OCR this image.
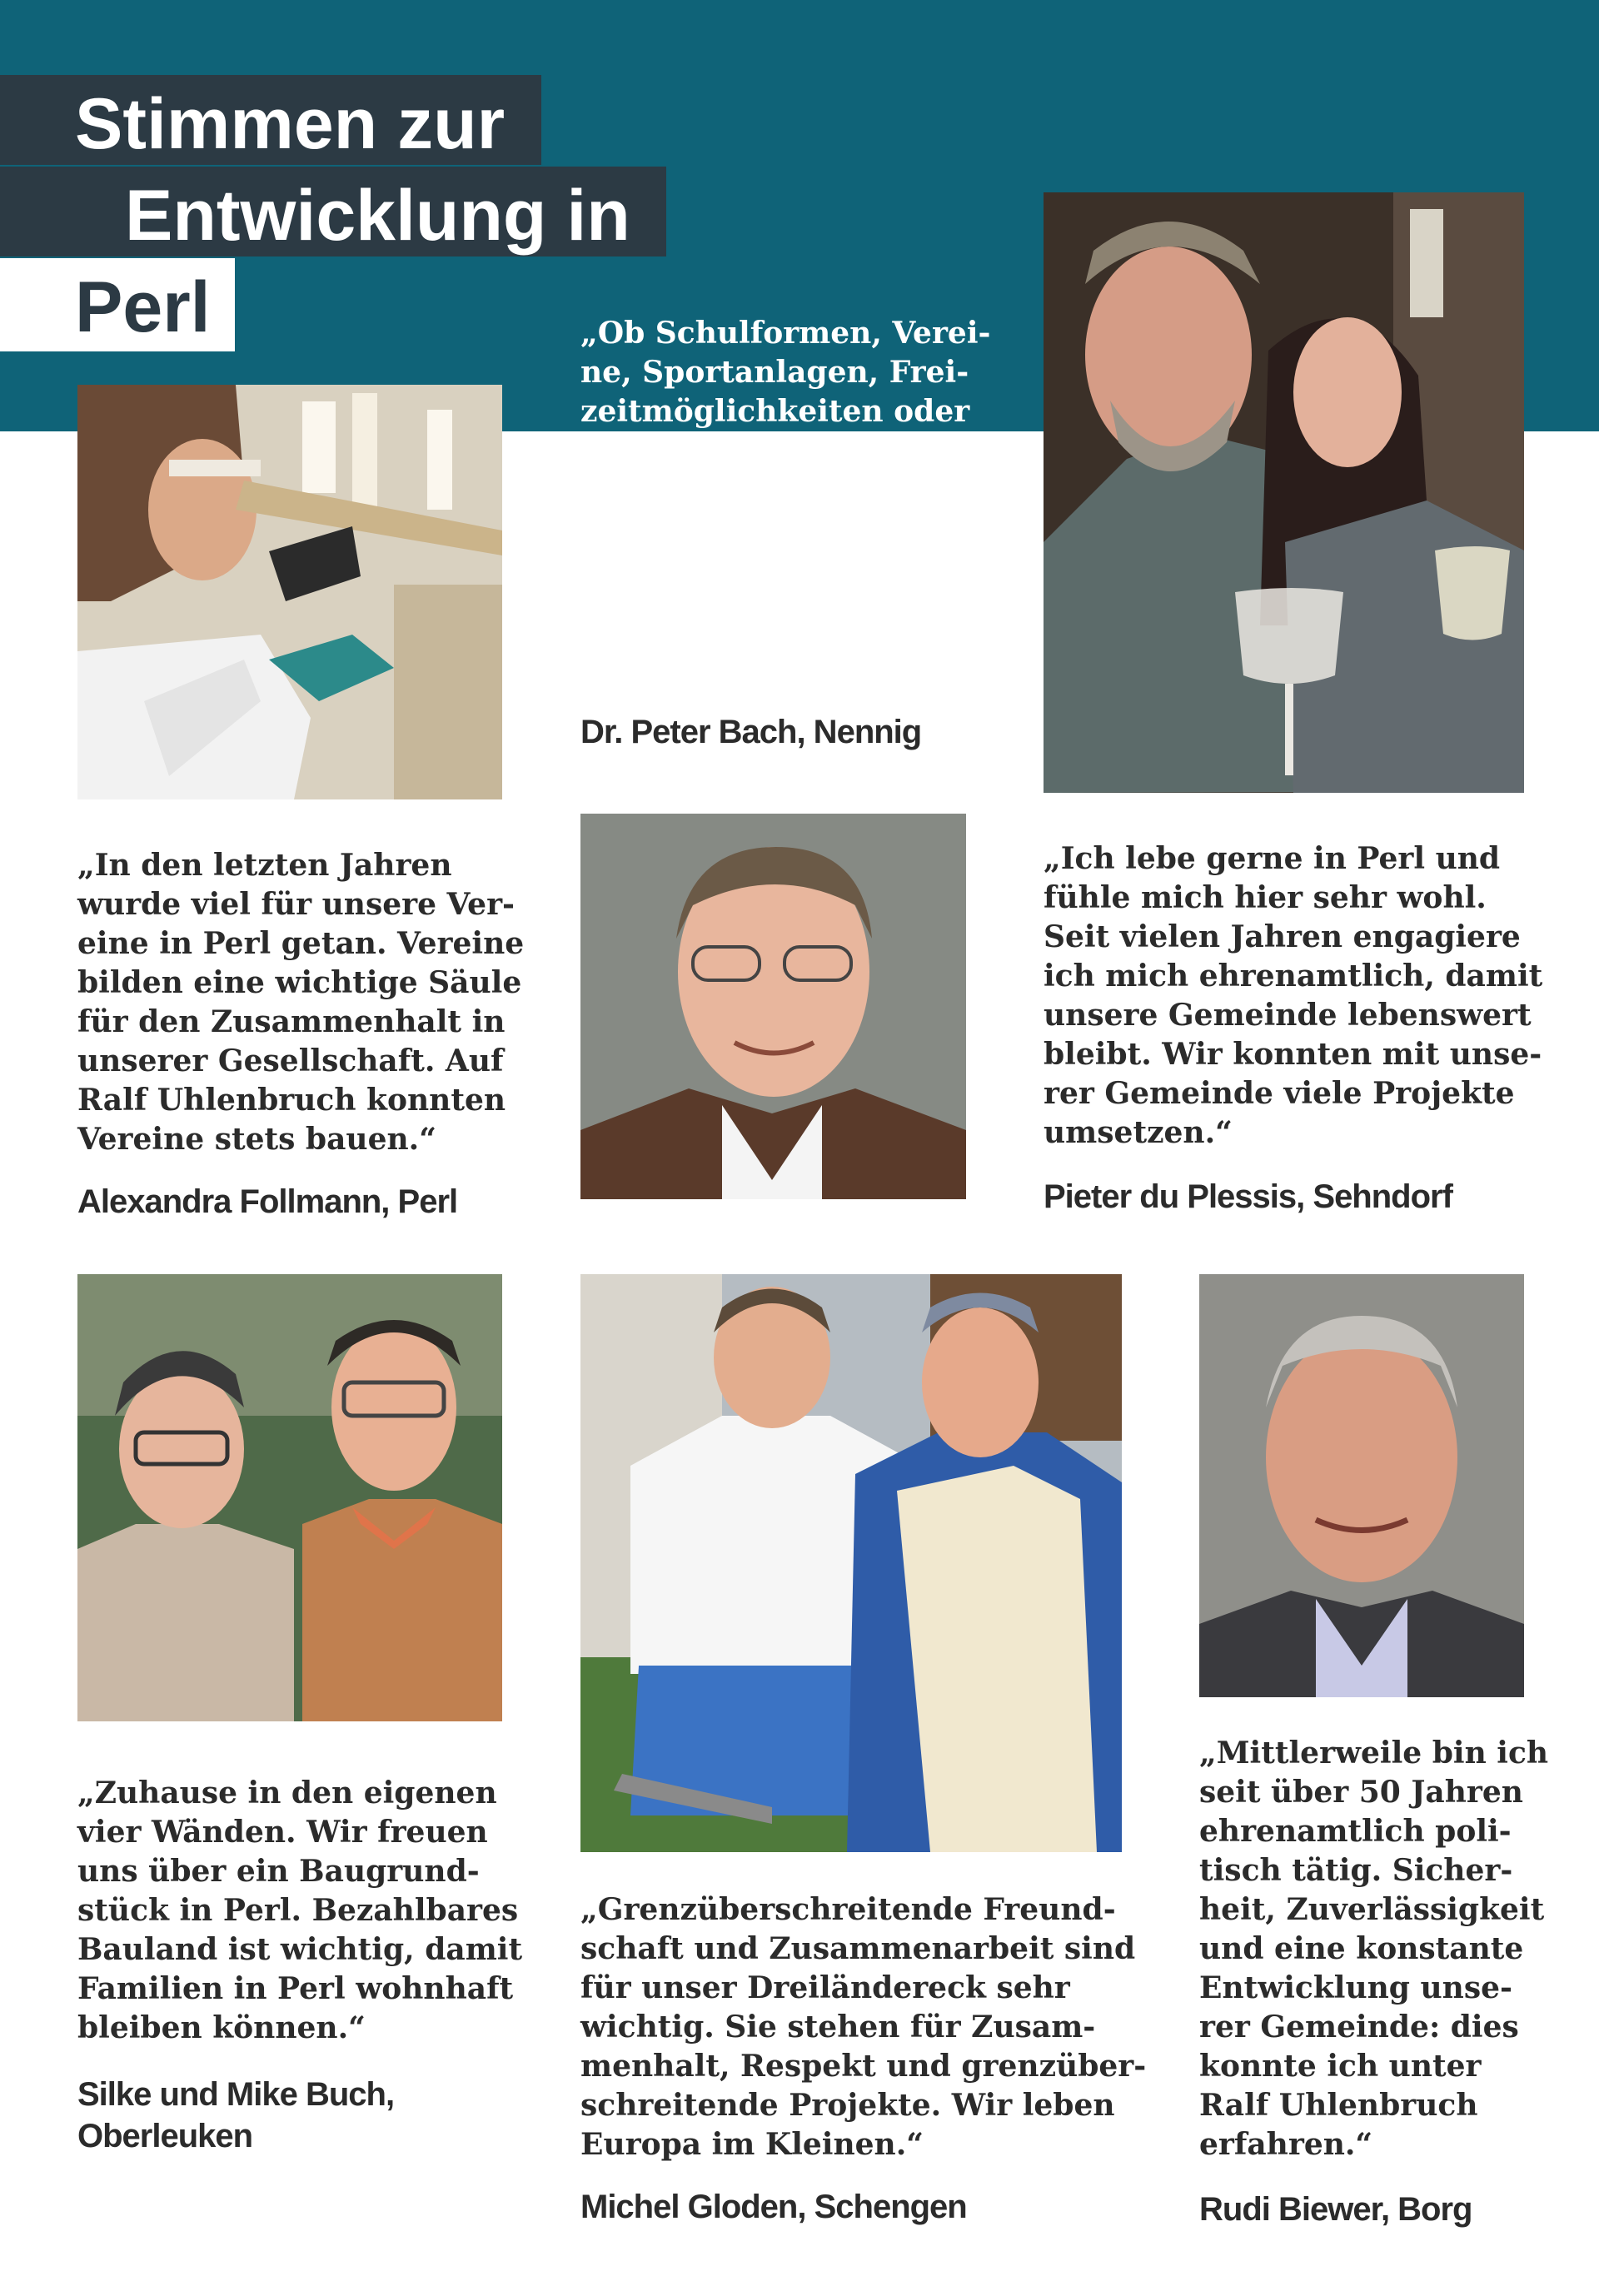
Stimmen zur
Entwicklung in
Perl	„Ob Schulformen, Verei-
ne, Sportanlagen, Frei-
zeitmöglichkeiten oder
kulturelles Angebot:
Perl hat sich in den letz-
ten 10 Jahren einfach
ideal entwickelt. Hier
können sich Familien
wohlfühlen.“

Dr. Peter Bach, Nennig

„In den letzten Jahren
wurde viel für unsere Ver-
eine in Perl getan. Vereine
bilden eine wichtige Säule
für den Zusammenhalt in
unserer Gesellschaft. Auf
Ralf Uhlenbruch konnten
Vereine stets bauen.“

Alexandra Follmann, Perl

„Ich lebe gerne in Perl und
fühle mich hier sehr wohl.
Seit vielen Jahren engagiere
ich mich ehrenamtlich, damit
unsere Gemeinde lebenswert
bleibt. Wir konnten mit unse-
rer Gemeinde viele Projekte
umsetzen.“

Pieter du Plessis, Sehndorf

„Zuhause in den eigenen
vier Wänden. Wir freuen
uns über ein Baugrund-
stück in Perl. Bezahlbares
Bauland ist wichtig, damit
Familien in Perl wohnhaft
bleiben können.“

Silke und Mike Buch,
Oberleuken

„Grenzüberschreitende Freund-
schaft und Zusammenarbeit sind
für unser Dreiländereck sehr
wichtig. Sie stehen für Zusam-
menhalt, Respekt und grenzüber-
schreitende Projekte. Wir leben
Europa im Kleinen.“

Michel Gloden, Schengen

„Mittlerweile bin ich
seit über 50 Jahren
ehrenamtlich poli-
tisch tätig. Sicher-
heit, Zuverlässigkeit
und eine konstante
Entwicklung unse-
rer Gemeinde: dies
konnte ich unter
Ralf Uhlenbruch
erfahren.“

Rudi Biewer, Borg
